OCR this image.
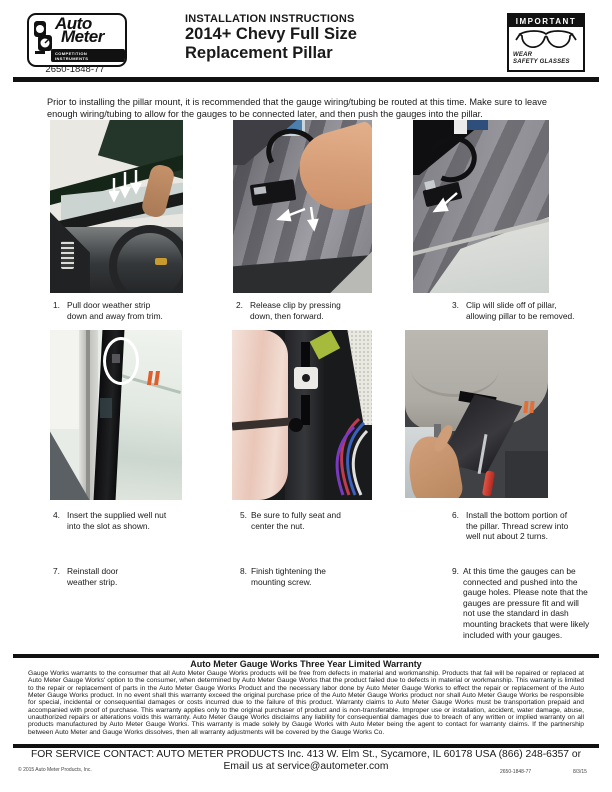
Auto
Meter
COMPETITION INSTRUMENTS
2650-1848-77
INSTALLATION INSTRUCTIONS
2014+ Chevy Full Size
Replacement Pillar
IMPORTANT
WEAR
SAFETY GLASSES

Prior to installing the pillar mount, it is recommended that the gauge wiring/tubing be routed at this time. Make sure to leave enough wiring/tubing to allow for the gauges to be connected later, and then push the gauges into the pillar.

1. Pull door weather strip down and away from trim.
2. Release clip by pressing down, then forward.
3. Clip will slide off of pillar, allowing pillar to be removed.
4. Insert the supplied well nut into the slot as shown.
5. Be sure to fully seat and center the nut.
6. Install the bottom portion of the pillar. Thread screw into well nut about 2 turns.
7. Reinstall door weather strip.
8. Finish tightening the mounting screw.
9. At this time the gauges can be connected and pushed into the gauge holes. Please note that the gauges are pressure fit and will not use the standard in dash mounting brackets that were likely included with your gauges.
Auto Meter Gauge Works Three Year Limited Warranty
Gauge Works warrants to the consumer that all Auto Meter Gauge Works products will be free from defects in material and workmanship. Products that fail will be repaired or replaced at Auto Meter Gauge Works' option to the consumer, when determined by Auto Meter Gauge Works that the product failed due to defects in material or workmanship. This warranty is limited to the repair or replacement of parts in the Auto Meter Gauge Works Product and the necessary labor done by Auto Meter Gauge Works to effect the repair or replacement of the Auto Meter Gauge Works product. In no event shall this warranty exceed the original purchase price of the Auto Meter Gauge Works product nor shall Auto Meter Gauge Works be responsible for special, incidental or consequential damages or costs incurred due to the failure of this product. Warranty claims to Auto Meter Gauge Works must be transportation prepaid and accompanied with proof of purchase. This warranty applies only to the original purchaser of product and is non-transferable. Improper use or installation, accident, water damage, abuse, unauthorized repairs or alterations voids this warranty. Auto Meter Gauge Works disclaims any liability for consequential damages due to breach of any written or implied warranty on all products manufactured by Auto Meter Gauge Works. This warranty is made solely by Gauge Works with Auto Meter being the agent to contact for warranty claims. If the partnership between Auto Meter and Gauge Works dissolves, then all warranty adjustments will be covered by the Gauge Works Co.
FOR SERVICE CONTACT: AUTO METER PRODUCTS Inc. 413 W. Elm St., Sycamore, IL 60178 USA (866) 248-6357 or
Email us at service@autometer.com
© 2015 Auto Meter Products, Inc.	2650-1848-77	8/3/15
